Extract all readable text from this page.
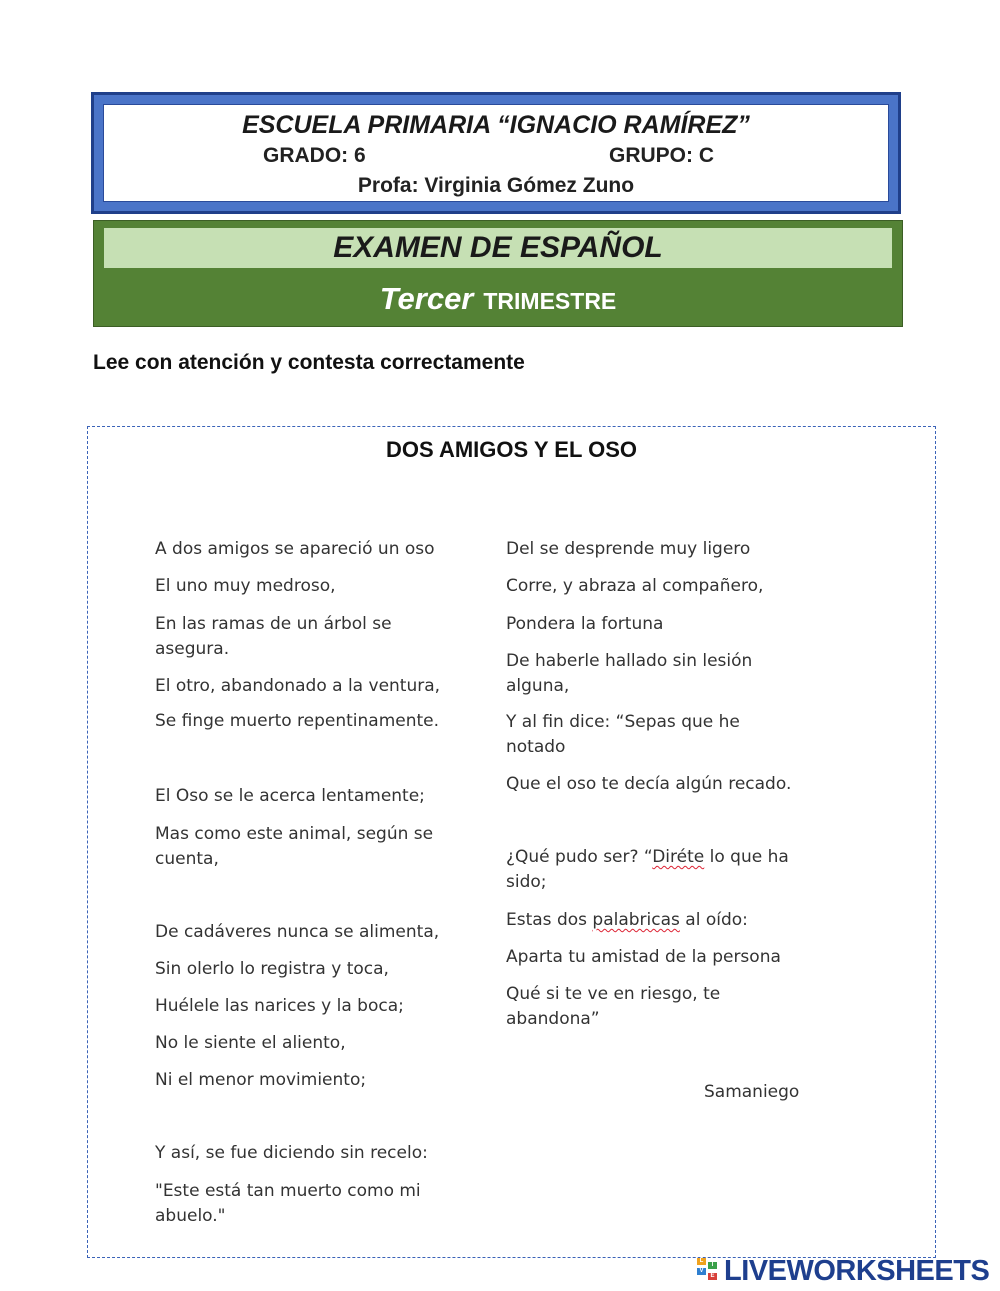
ESCUELA PRIMARIA “IGNACIO RAMÍREZ”
GRADO: 6	GRUPO: C
Profa: Virginia Gómez Zuno
EXAMEN DE ESPAÑOL
Tercer TRIMESTRE
Lee con atención y contesta correctamente
DOS AMIGOS Y EL OSO
A dos amigos se apareció un oso
El uno muy medroso,
En las ramas de un árbol se
asegura.
El otro, abandonado a la ventura,
Se finge muerto repentinamente.
El Oso se le acerca lentamente;
Mas como este animal, según se
cuenta,
De cadáveres nunca se alimenta,
Sin olerlo lo registra y toca,
Huélele las narices y la boca;
No le siente el aliento,
Ni el menor movimiento;
Y así, se fue diciendo sin recelo:
"Este está tan muerto como mi
abuelo."
Del se desprende muy ligero
Corre, y abraza al compañero,
Pondera la fortuna
De haberle hallado sin lesión
alguna,
Y al fin dice: “Sepas que he
notado
Que el oso te decía algún recado.
¿Qué pudo ser? “Diréte lo que ha
sido;
Estas dos palabricas al oído:
Aparta tu amistad de la persona
Qué si te ve en riesgo, te
abandona”
Samaniego
L
I
V
E LIVEWORKSHEETS
